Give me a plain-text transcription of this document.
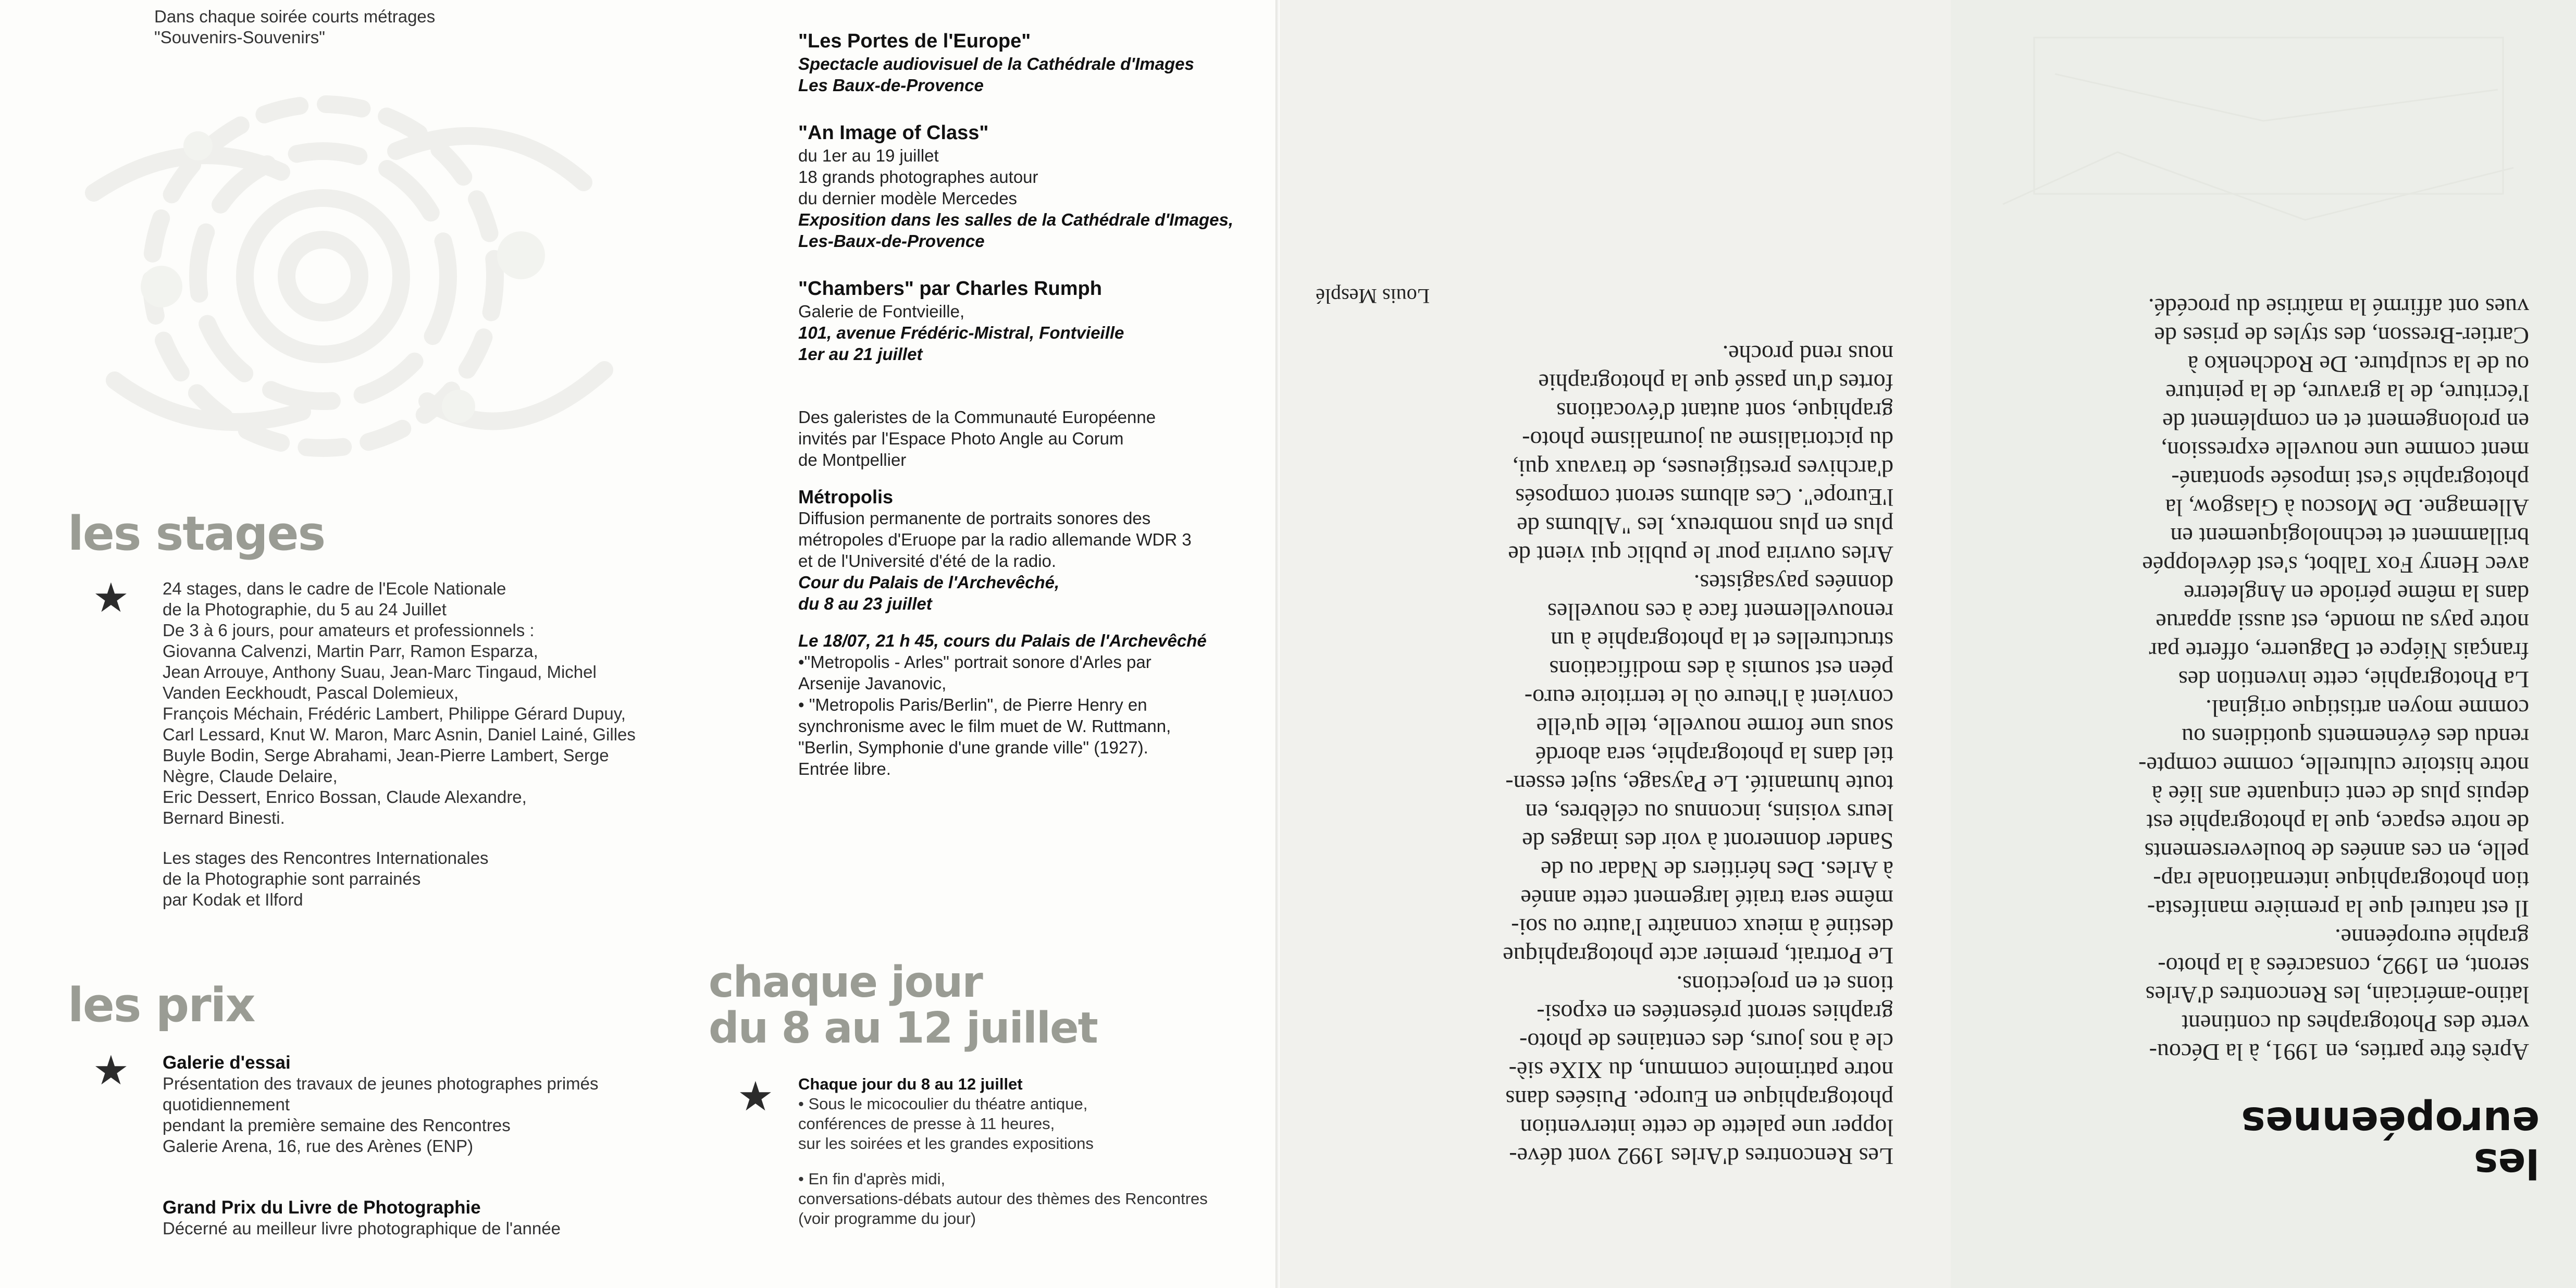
Dans chaque soirée courts métrages
"Souvenirs-Souvenirs"
les stages
★ 24 stages, dans le cadre de l'Ecole Nationale
de la Photographie, du 5 au 24 Juillet
De 3 à 6 jours, pour amateurs et professionnels :
Giovanna Calvenzi, Martin Parr, Ramon Esparza,
Jean Arrouye, Anthony Suau, Jean-Marc Tingaud, Michel
Vanden Eeckhoudt, Pascal Dolemieux,
François Méchain, Frédéric Lambert, Philippe Gérard Dupuy,
Carl Lessard, Knut W. Maron, Marc Asnin, Daniel Lainé, Gilles
Buyle Bodin, Serge Abrahami, Jean-Pierre Lambert, Serge
Nègre, Claude Delaire,
Eric Dessert, Enrico Bossan, Claude Alexandre,
Bernard Binesti.
Les stages des Rencontres Internationales
de la Photographie sont parrainés
par Kodak et Ilford
les prix
★ Galerie d'essai
Présentation des travaux de jeunes photographes primés
quotidiennement
pendant la première semaine des Rencontres
Galerie Arena, 16, rue des Arènes (ENP)
Grand Prix du Livre de Photographie
Décerné au meilleur livre photographique de l'année
"Les Portes de l'Europe"
Spectacle audiovisuel de la Cathédrale d'Images
Les Baux-de-Provence
"An Image of Class"
du 1er au 19 juillet
18 grands photographes autour
du dernier modèle Mercedes
Exposition dans les salles de la Cathédrale d'Images,
Les-Baux-de-Provence
"Chambers" par Charles Rumph
Galerie de Fontvieille,
101, avenue Frédéric-Mistral, Fontvieille
1er au 21 juillet
Des galeristes de la Communauté Européenne
invités par l'Espace Photo Angle au Corum
de Montpellier
Métropolis
Diffusion permanente de portraits sonores des
métropoles d'Eruope par la radio allemande WDR 3
et de l'Université d'été de la radio.
Cour du Palais de l'Archevêché,
du 8 au 23 juillet
Le 18/07, 21 h 45, cours du Palais de l'Archevêché
•"Metropolis - Arles" portrait sonore d'Arles par
Arsenije Javanovic,
• "Metropolis Paris/Berlin", de Pierre Henry en
synchronisme avec le film muet de W. Ruttmann,
"Berlin, Symphonie d'une grande ville" (1927).
Entrée libre.
chaque jour
du 8 au 12 juillet
★ Chaque jour du 8 au 12 juillet
• Sous le micocoulier du théatre antique,
conférences de presse à 11 heures,
sur les soirées et les grandes expositions
• En fin d'après midi,
conversations-débats autour des thèmes des Rencontres
(voir programme du jour)
les
européennes
Après être parties, en 1991, à la Décou-
verte des Photographes du continent
latino-américain, les Rencontres d'Arles
seront, en 1992, consacrées à la photo-
graphie européenne.
Il est naturel que la première manifesta-
tion photographique internationale rap-
pelle, en ces années de bouleversements
de notre espace, que la photographie est
depuis plus de cent cinquante ans liée à
notre histoire culturelle, comme compte-
rendu des événements quotidiens ou
comme moyen artistique original.
La Photographie, cette invention des
français Niépce et Daguerre, offerte par
notre pays au monde, est aussi apparue
dans la même période en Angleterre
avec Henry Fox Talbot, s'est développée
brillamment et technologiquement en
Allemagne. De Moscou à Glasgow, la
photographie s'est imposée spontané-
ment comme une nouvelle expression,
en prolongement et en complément de
l'écriture, de la gravure, de la peinture
ou de la sculpture. De Rodchenko à
Cartier-Bresson, des styles de prises de
vues ont affirmé la maîtrise du procédé.
Les Rencontres d'Arles 1992 vont déve-
lopper une palette de cette intervention
photographique en Europe. Puisées dans
notre patrimoine commun, du XIXe siè-
cle à nos jours, des centaines de photo-
graphies seront présentées en exposi-
tions et en projections.
Le Portrait, premier acte photographique
destiné à mieux connaître l'autre ou soi-
même sera traité largement cette année
à Arles. Des héritiers de Nadar ou de
Sander donneront à voir des images de
leurs voisins, inconnus ou célèbres, en
toute humanité. Le Paysage, sujet essen-
tiel dans la photographie, sera abordé
sous une forme nouvelle, telle qu'elle
convient à l'heure où le territoire euro-
péen est soumis à des modifications
structurelles et la photographie à un
renouvellement face à ces nouvelles
données paysagistes.
Arles ouvrira pour le public qui vient de
plus en plus nombreux, les "Albums de
l'Europe". Ces albums seront composés
d'archives prestigieuses, de travaux qui,
du pictorialisme au journalisme photo-
graphique, sont autant d'évocations
fortes d'un passé que la photographie
nous rend proche.
Louis Mesplé
